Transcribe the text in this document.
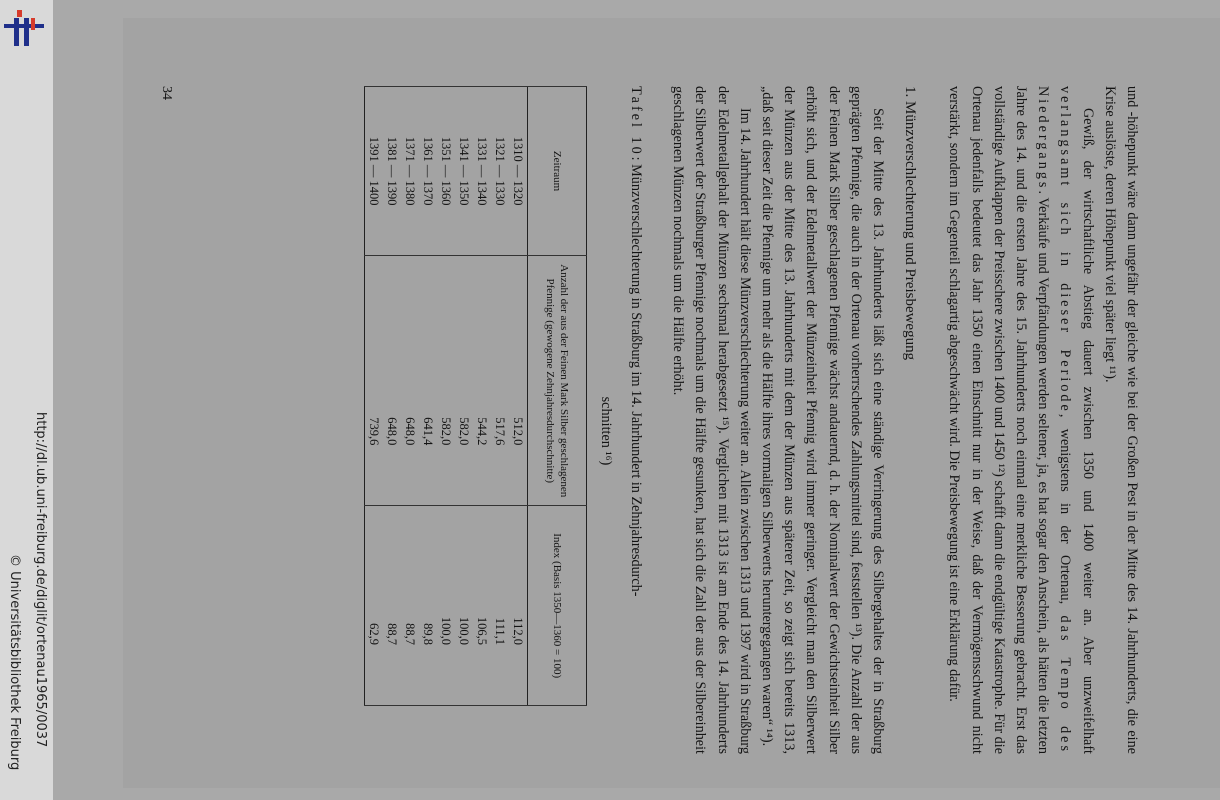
http://dl.ub.uni-freiburg.de/diglit/ortenau1965/0037
© Universitätsbibliothek Freiburg	und -höhepunkt wäre dann ungefähr der gleiche wie bei der Großen Pest in der Mitte des 14. Jahrhunderts, die eine Krise auslöste, deren Höhepunkt viel später liegt ¹¹).

Gewiß, der wirtschaftliche Abstieg dauert zwischen 1350 und 1400 weiter an. Aber unzweifelhaft verlangsamt sich in dieser Periode, wenigstens in der Ortenau, das Tempo des Niedergangs. Verkäufe und Verpfändungen werden seltener, ja, es hat sogar den Anschein, als hätten die letzten Jahre des 14. und die ersten Jahre des 15. Jahrhunderts noch einmal eine merkliche Besserung gebracht. Erst das vollständige Aufklappen der Preisschere zwischen 1400 und 1450 ¹²) schafft dann die endgültige Katastrophe. Für die Ortenau jedenfalls bedeutet das Jahr 1350 einen Einschnitt nur in der Weise, daß der Vermögensschwund nicht verstärkt, sondern im Gegenteil schlagartig abgeschwächt wird. Die Preisbewegung ist eine Erklärung dafür.

1. Münzverschlechterung und Preisbewegung

Seit der Mitte des 13. Jahrhunderts läßt sich eine ständige Verringerung des Silbergehaltes der in Straßburg geprägten Pfennige, die auch in der Ortenau vorherrschendes Zahlungsmittel sind, feststellen ¹³). Die Anzahl der aus der Feinen Mark Silber geschlagenen Pfennige wächst andauernd, d. h. der Nominalwert der Gewichtseinheit Silber erhöht sich, und der Edelmetallwert der Münzeinheit Pfennig wird immer geringer. Vergleicht man den Silberwert der Münzen aus der Mitte des 13. Jahrhunderts mit dem der Münzen aus späterer Zeit, so zeigt sich bereits 1313, „daß seit dieser Zeit die Pfennige um mehr als die Hälfte ihres vormaligen Silberwerts heruntergegangen waren“ ¹⁴).

Im 14. Jahrhundert hält diese Münzverschlechterung weiter an. Allein zwischen 1313 und 1397 wird in Straßburg der Edelmetallgehalt der Münzen sechsmal herabgesetzt ¹⁵). Verglichen mit 1313 ist am Ende des 14. Jahrhunderts der Silberwert der Straßburger Pfennige nochmals um die Hälfte gesunken, hat sich die Zahl der aus der Silbereinheit geschlagenen Münzen nochmals um die Hälfte erhöht.

Tafel 10: Münzverschlechterung in Straßburg im 14. Jahrhundert in Zehnjahresdurch-

schnitten ¹⁶)

Zeitraum	Anzahl der aus der Feinen Mark Silber geschlagenen Pfennige (gewogene Zehnjahresdurchschnitte)	Index (Basis 1350—1360 = 100)
1310 — 1320	512,0	112,0
1321 — 1330	517,6	111,1
1331 — 1340	544,2	106,5
1341 — 1350	582,0	100,0
1351 — 1360	582,0	100,0
1361 — 1370	641,4	89,8
1371 — 1380	648,0	88,7
1381 — 1390	648,0	88,7
1391 — 1400	739,6	62,9
34
